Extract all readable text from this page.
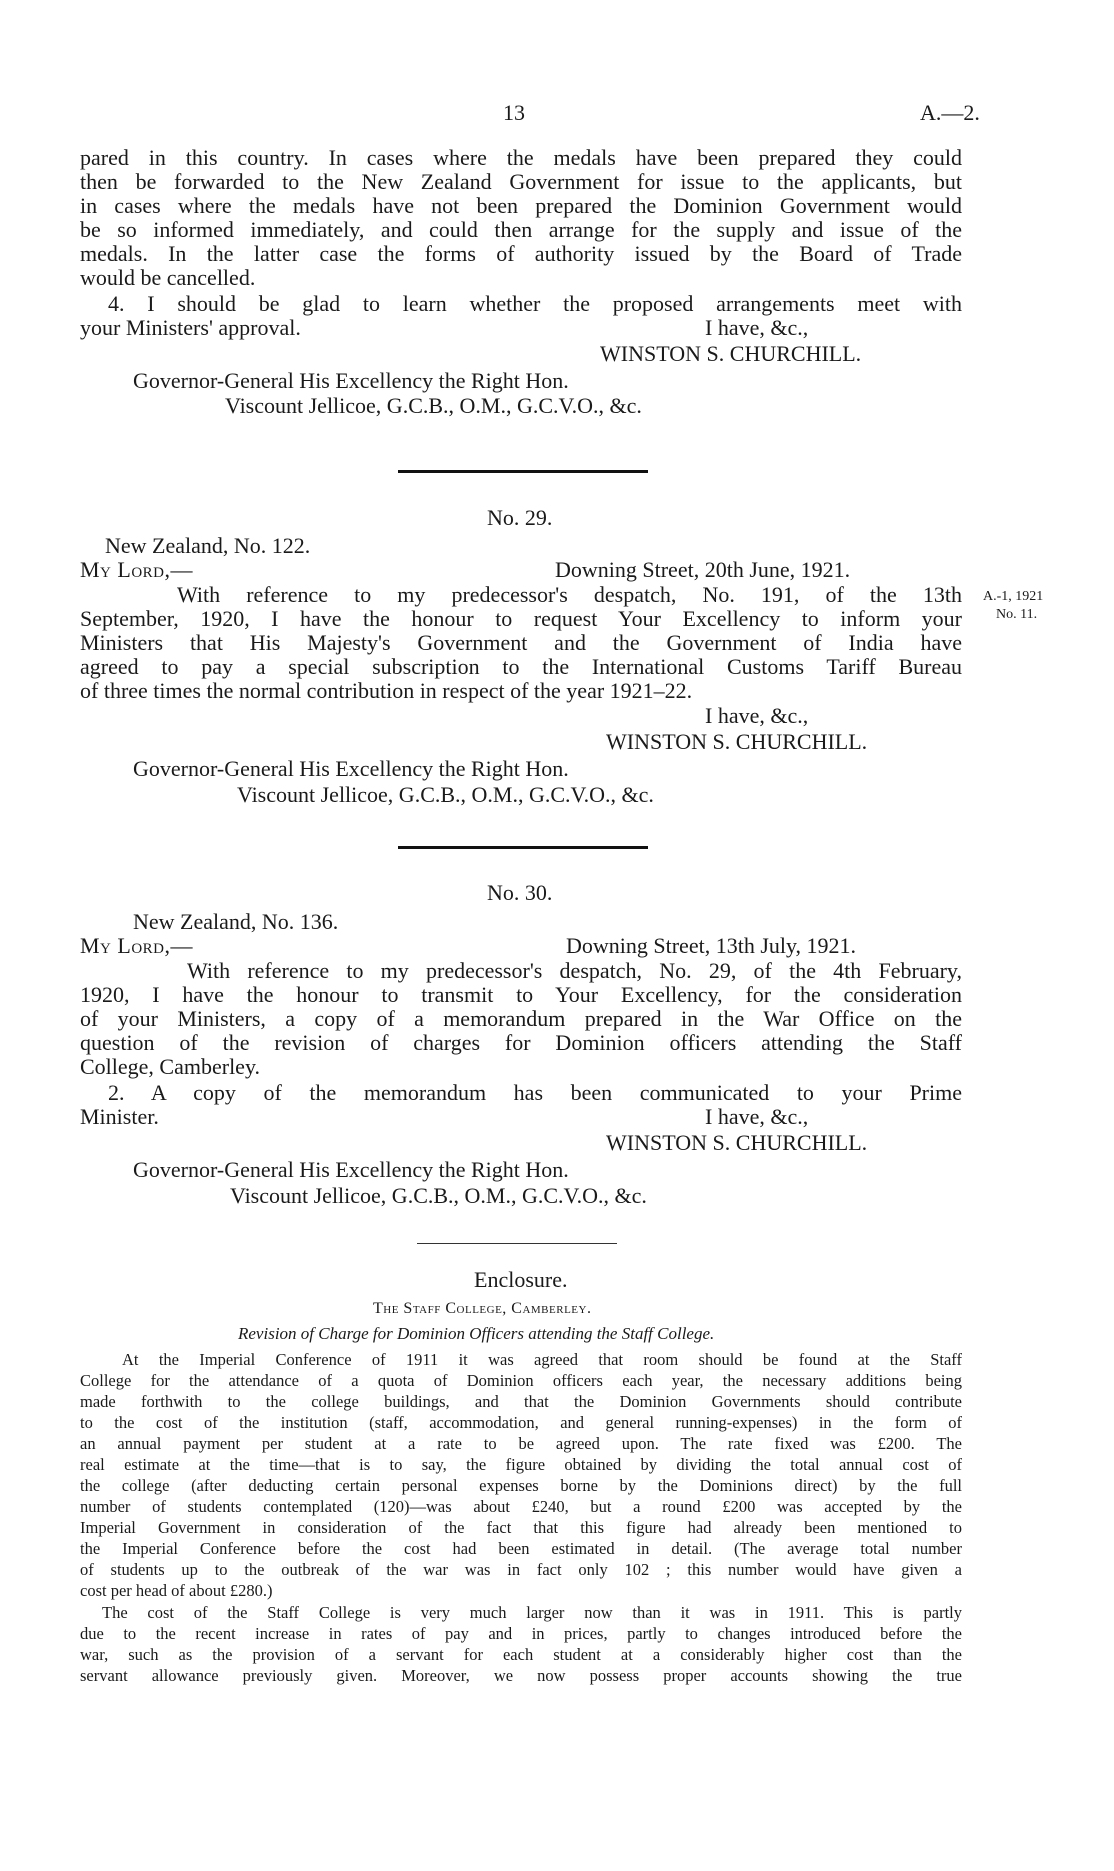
13	A.—2.
pared in this country. In cases where the medals have been prepared they could
then be forwarded to the New Zealand Government for issue to the applicants, but
in cases where the medals have not been prepared the Dominion Government would
be so informed immediately, and could then arrange for the supply and issue of the
medals. In the latter case the forms of authority issued by the Board of Trade
would be cancelled.
4. I should be glad to learn whether the proposed arrangements meet with
your Ministers' approval.	I have, &c.,
WINSTON S. CHURCHILL.
Governor-General His Excellency the Right Hon.
Viscount Jellicoe, G.C.B., O.M., G.C.V.O., &c.
No. 29.
New Zealand, No. 122.
My Lord,—	Downing Street, 20th June, 1921.
With reference to my predecessor's despatch, No. 191, of the 13th
September, 1920, I have the honour to request Your Excellency to inform your
Ministers that His Majesty's Government and the Government of India have
agreed to pay a special subscription to the International Customs Tariff Bureau
of three times the normal contribution in respect of the year 1921–22.
I have, &c.,
WINSTON S. CHURCHILL.
Governor-General His Excellency the Right Hon.
Viscount Jellicoe, G.C.B., O.M., G.C.V.O., &c.
A.-1, 1921
No. 11.
No. 30.
New Zealand, No. 136.
My Lord,—	Downing Street, 13th July, 1921.
With reference to my predecessor's despatch, No. 29, of the 4th February,
1920, I have the honour to transmit to Your Excellency, for the consideration
of your Ministers, a copy of a memorandum prepared in the War Office on the
question of the revision of charges for Dominion officers attending the Staff
College, Camberley.
2. A copy of the memorandum has been communicated to your Prime
Minister.	I have, &c.,
WINSTON S. CHURCHILL.
Governor-General His Excellency the Right Hon.
Viscount Jellicoe, G.C.B., O.M., G.C.V.O., &c.
Enclosure.
The Staff College, Camberley.
Revision of Charge for Dominion Officers attending the Staff College.
At the Imperial Conference of 1911 it was agreed that room should be found at the Staff
College for the attendance of a quota of Dominion officers each year, the necessary additions being
made forthwith to the college buildings, and that the Dominion Governments should contribute
to the cost of the institution (staff, accommodation, and general running-expenses) in the form of
an annual payment per student at a rate to be agreed upon. The rate fixed was £200. The
real estimate at the time—that is to say, the figure obtained by dividing the total annual cost of
the college (after deducting certain personal expenses borne by the Dominions direct) by the full
number of students contemplated (120)—was about £240, but a round £200 was accepted by the
Imperial Government in consideration of the fact that this figure had already been mentioned to
the Imperial Conference before the cost had been estimated in detail. (The average total number
of students up to the outbreak of the war was in fact only 102 ; this number would have given a
cost per head of about £280.)
The cost of the Staff College is very much larger now than it was in 1911. This is partly
due to the recent increase in rates of pay and in prices, partly to changes introduced before the
war, such as the provision of a servant for each student at a considerably higher cost than the
servant allowance previously given. Moreover, we now possess proper accounts showing the true
